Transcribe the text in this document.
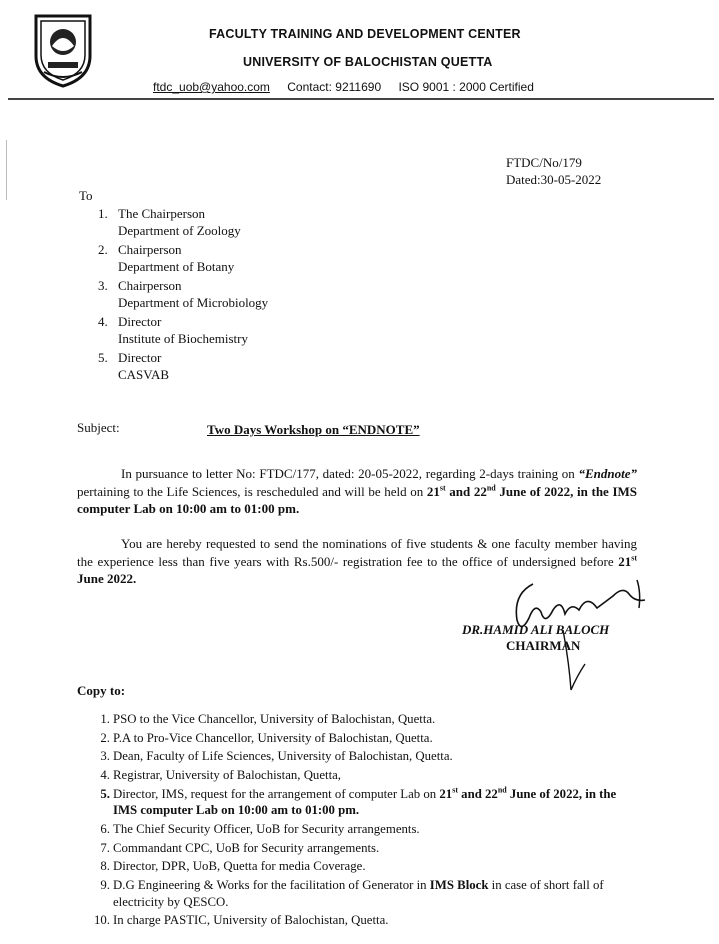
FACULTY TRAINING AND DEVELOPMENT CENTER
UNIVERSITY OF BALOCHISTAN QUETTA
ftdc_uob@yahoo.com Contact: 9211690 ISO 9001 : 2000 Certified
FTDC/No/179
Dated:30-05-2022
To
1. The Chairperson
Department of Zoology
2. Chairperson
Department of Botany
3. Chairperson
Department of Microbiology
4. Director
Institute of Biochemistry
5. Director
CASVAB
Subject:	Two Days Workshop on “ENDNOTE”
In pursuance to letter No: FTDC/177, dated: 20-05-2022, regarding 2-days training on “Endnote” pertaining to the Life Sciences, is rescheduled and will be held on 21st and 22nd June of 2022, in the IMS computer Lab on 10:00 am to 01:00 pm.
You are hereby requested to send the nominations of five students & one faculty member having the experience less than five years with Rs.500/- registration fee to the office of undersigned before 21st June 2022.
DR.HAMID ALI BALOCH
CHAIRMAN
Copy to:
1. PSO to the Vice Chancellor, University of Balochistan, Quetta.
2. P.A to Pro-Vice Chancellor, University of Balochistan, Quetta.
3. Dean, Faculty of Life Sciences, University of Balochistan, Quetta.
4. Registrar, University of Balochistan, Quetta,
5. Director, IMS, request for the arrangement of computer Lab on 21st and 22nd June of 2022, in the IMS computer Lab on 10:00 am to 01:00 pm.
6. The Chief Security Officer, UoB for Security arrangements.
7. Commandant CPC, UoB for Security arrangements.
8. Director, DPR, UoB, Quetta for media Coverage.
9. D.G Engineering & Works for the facilitation of Generator in IMS Block in case of short fall of electricity by QESCO.
10. In charge PASTIC, University of Balochistan, Quetta.
